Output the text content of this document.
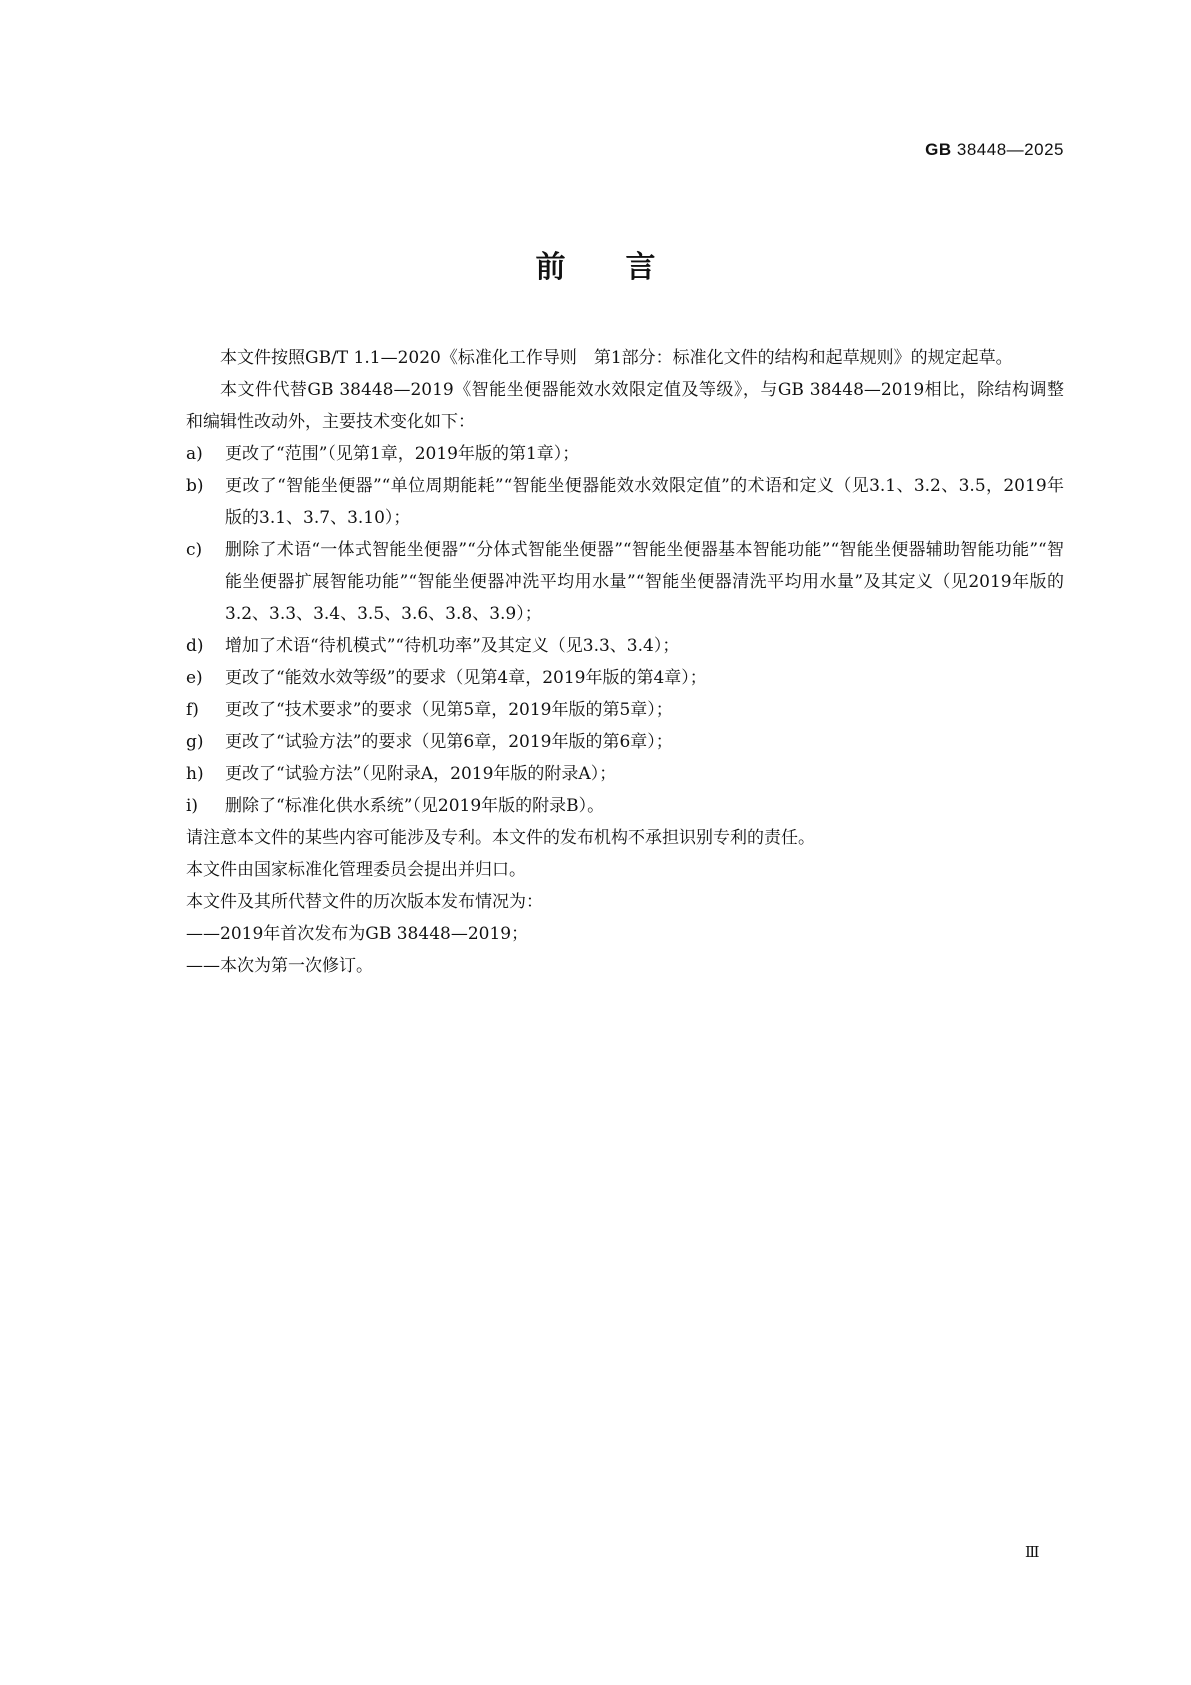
GB 38448—2025
前言

本文件按照GB/T 1.1—2020《标准化工作导则　第1部分：标准化文件的结构和起草规则》的规定起草。

本文件代替GB 38448—2019《智能坐便器能效水效限定值及等级》，与GB 38448—2019相比，除结构调整和编辑性改动外，主要技术变化如下：

a)	更改了“范围”（见第1章，2019年版的第1章）；
b)	更改了“智能坐便器”“单位周期能耗”“智能坐便器能效水效限定值”的术语和定义（见3.1、3.2、3.5，2019年版的3.1、3.7、3.10）；
c)	删除了术语“一体式智能坐便器”“分体式智能坐便器”“智能坐便器基本智能功能”“智能坐便器辅助智能功能”“智能坐便器扩展智能功能”“智能坐便器冲洗平均用水量”“智能坐便器清洗平均用水量”及其定义（见2019年版的3.2、3.3、3.4、3.5、3.6、3.8、3.9）；
d)	增加了术语“待机模式”“待机功率”及其定义（见3.3、3.4）；
e)	更改了“能效水效等级”的要求（见第4章，2019年版的第4章）；
f)	更改了“技术要求”的要求（见第5章，2019年版的第5章）；
g)	更改了“试验方法”的要求（见第6章，2019年版的第6章）；
h)	更改了“试验方法”（见附录A，2019年版的附录A）；
i)	删除了“标准化供水系统”（见2019年版的附录B）。

请注意本文件的某些内容可能涉及专利。本文件的发布机构不承担识别专利的责任。

本文件由国家标准化管理委员会提出并归口。

本文件及其所代替文件的历次版本发布情况为：

——2019年首次发布为GB 38448—2019；

——本次为第一次修订。

Ⅲ
